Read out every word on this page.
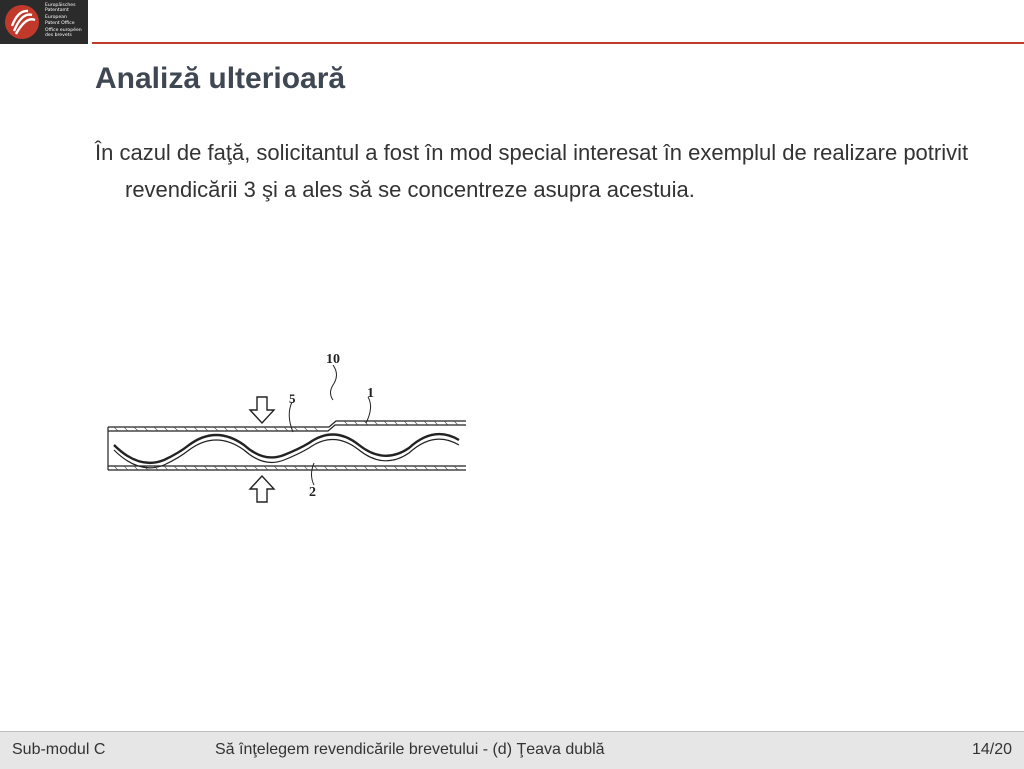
Europäisches
Patentamt
European
Patent Office
Office européen
des brevets
Analiză ulterioară

În cazul de faţă, solicitantul a fost în mod special interesat în exemplul de realizare potrivit revendicării 3 şi a ales să se concentreze asupra acestuia.

10
5	1
2
Sub-modul C	Să înţelegem revendicările brevetului - (d) Ţeava dublă	14/20
